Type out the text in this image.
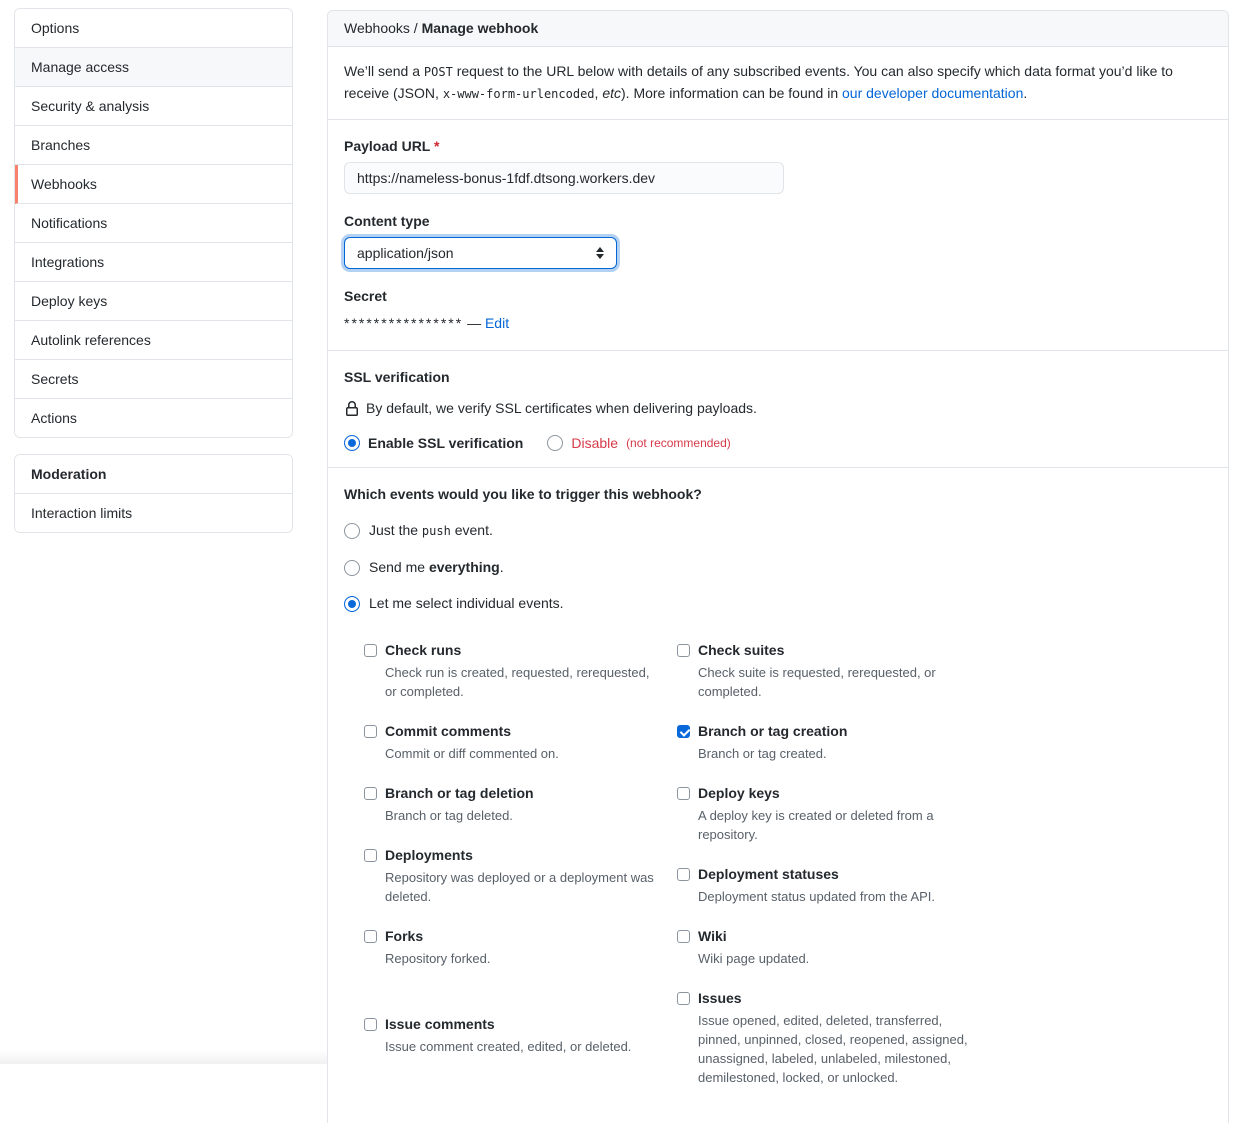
Options
Manage access
Security & analysis
Branches
Webhooks
Notifications
Integrations
Deploy keys
Autolink references
Secrets
Actions
Moderation
Interaction limits
Webhooks / Manage webhook
We’ll send a POST request to the URL below with details of any subscribed events. You can also specify which data format you’d like to receive (JSON, x-www-form-urlencoded, etc). More information can be found in our developer documentation.
Payload URL *
https://nameless-bonus-1fdf.dtsong.workers.dev
Content type
application/json
Secret
**************** — Edit
SSL verification
By default, we verify SSL certificates when delivering payloads.
Enable SSL verification	Disable (not recommended)
Which events would you like to trigger this webhook?
Just the push event.
Send me everything.
Let me select individual events.
Check runs
Check run is created, requested, rerequested, or completed.
Commit comments
Commit or diff commented on.
Branch or tag deletion
Branch or tag deleted.
Deployments
Repository was deployed or a deployment was deleted.
Forks
Repository forked.
Issue comments
Issue comment created, edited, or deleted.
Check suites
Check suite is requested, rerequested, or completed.
Branch or tag creation
Branch or tag created.
Deploy keys
A deploy key is created or deleted from a repository.
Deployment statuses
Deployment status updated from the API.
Wiki
Wiki page updated.
Issues
Issue opened, edited, deleted, transferred, pinned, unpinned, closed, reopened, assigned, unassigned, labeled, unlabeled, milestoned, demilestoned, locked, or unlocked.
